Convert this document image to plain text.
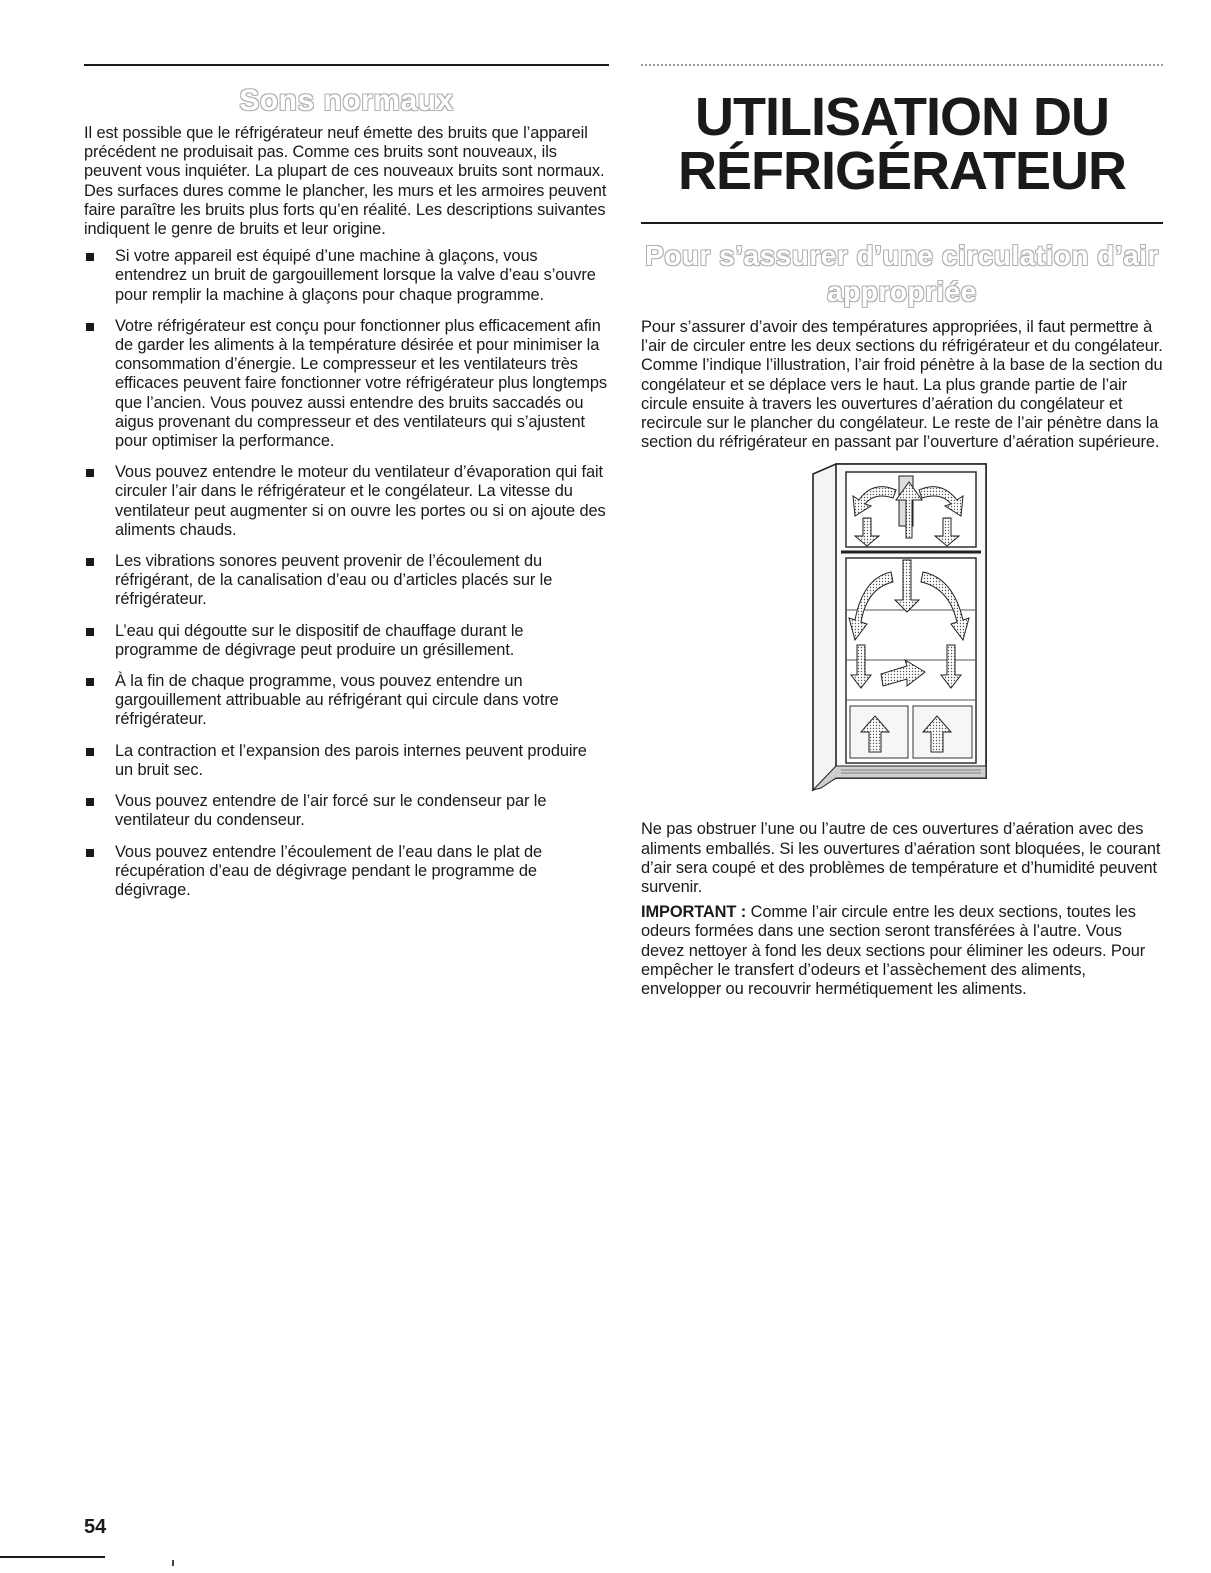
Sons normaux

Il est possible que le réfrigérateur neuf émette des bruits que l’appareil précédent ne produisait pas. Comme ces bruits sont nouveaux, ils peuvent vous inquiéter. La plupart de ces nouveaux bruits sont normaux. Des surfaces dures comme le plancher, les murs et les armoires peuvent faire paraître les bruits plus forts qu’en réalité. Les descriptions suivantes indiquent le genre de bruits et leur origine.

Si votre appareil est équipé d’une machine à glaçons, vous entendrez un bruit de gargouillement lorsque la valve d’eau s’ouvre pour remplir la machine à glaçons pour chaque programme.
Votre réfrigérateur est conçu pour fonctionner plus efficacement afin de garder les aliments à la température désirée et pour minimiser la consommation d’énergie. Le compresseur et les ventilateurs très efficaces peuvent faire fonctionner votre réfrigérateur plus longtemps que l’ancien. Vous pouvez aussi entendre des bruits saccadés ou aigus provenant du compresseur et des ventilateurs qui s’ajustent pour optimiser la performance.
Vous pouvez entendre le moteur du ventilateur d’évaporation qui fait circuler l’air dans le réfrigérateur et le congélateur. La vitesse du ventilateur peut augmenter si on ouvre les portes ou si on ajoute des aliments chauds.
Les vibrations sonores peuvent provenir de l’écoulement du réfrigérant, de la canalisation d’eau ou d’articles placés sur le réfrigérateur.
L’eau qui dégoutte sur le dispositif de chauffage durant le programme de dégivrage peut produire un grésillement.
À la fin de chaque programme, vous pouvez entendre un gargouillement attribuable au réfrigérant qui circule dans votre réfrigérateur.
La contraction et l’expansion des parois internes peuvent produire un bruit sec.
Vous pouvez entendre de l’air forcé sur le condenseur par le ventilateur du condenseur.
Vous pouvez entendre l’écoulement de l’eau dans le plat de récupération d’eau de dégivrage pendant le programme de dégivrage.
UTILISATION DU
RÉFRIGÉRATEUR
Pour s’assurer d’une circulation d’air
appropriée

Pour s’assurer d’avoir des températures appropriées, il faut permettre à l’air de circuler entre les deux sections du réfrigérateur et du congélateur. Comme l’indique l’illustration, l’air froid pénètre à la base de la section du congélateur et se déplace vers le haut. La plus grande partie de l’air circule ensuite à travers les ouvertures d’aération du congélateur et recircule sur le plancher du congélateur. Le reste de l’air pénètre dans la section du réfrigérateur en passant par l’ouverture d’aération supérieure.

Ne pas obstruer l’une ou l’autre de ces ouvertures d’aération avec des aliments emballés. Si les ouvertures d’aération sont bloquées, le courant d’air sera coupé et des problèmes de température et d’humidité peuvent survenir.

IMPORTANT : Comme l’air circule entre les deux sections, toutes les odeurs formées dans une section seront transférées à l’autre. Vous devez nettoyer à fond les deux sections pour éliminer les odeurs. Pour empêcher le transfert d’odeurs et l’assèchement des aliments, envelopper ou recouvrir hermétiquement les aliments.

54
